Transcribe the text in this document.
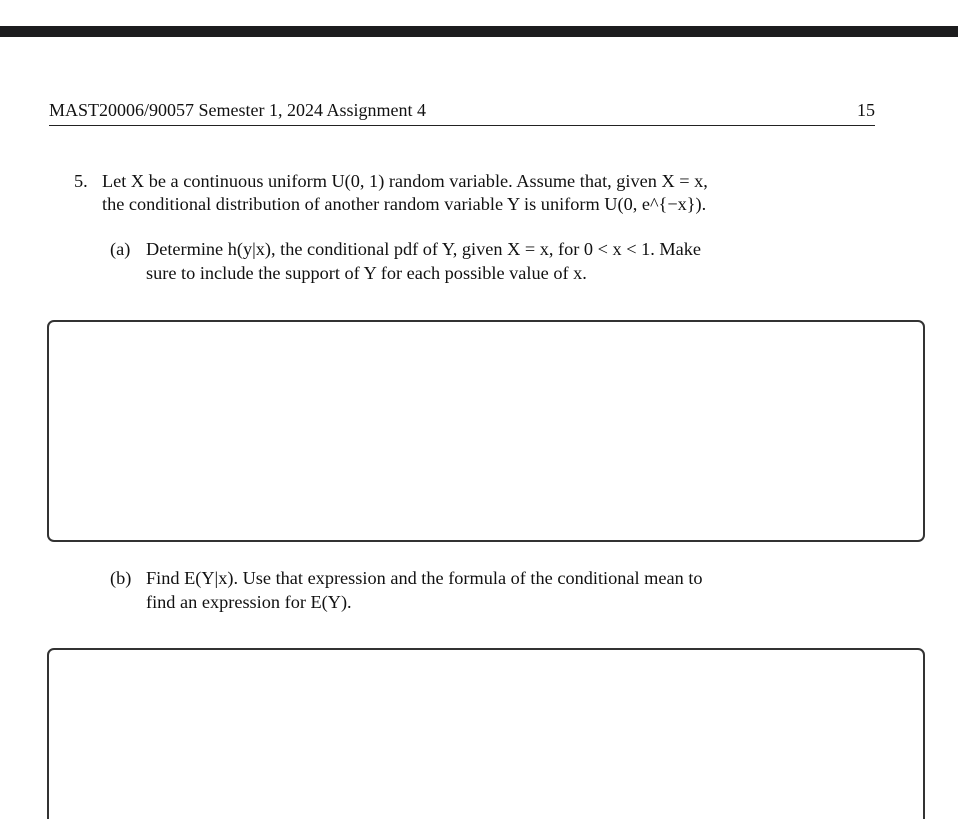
MAST20006/90057 Semester 1, 2024 Assignment 4	15
5. Let X be a continuous uniform U(0, 1) random variable. Assume that, given X = x,
the conditional distribution of another random variable Y is uniform U(0, e^{−x}).
(a) Determine h(y|x), the conditional pdf of Y, given X = x, for 0 < x < 1. Make
sure to include the support of Y for each possible value of x.
(b) Find E(Y|x). Use that expression and the formula of the conditional mean to
find an expression for E(Y).
